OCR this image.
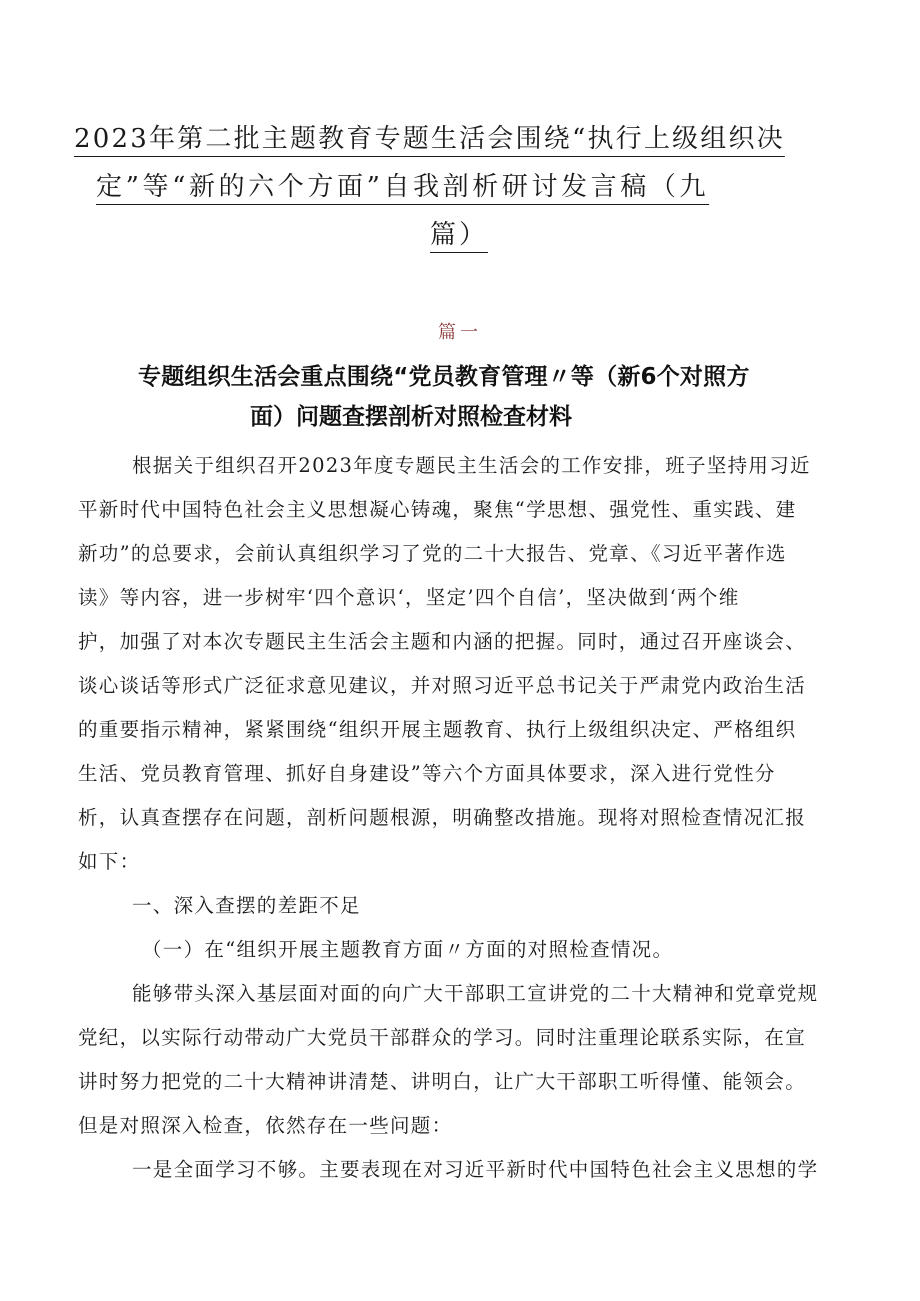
2023年第二批主题教育专题生活会围绕“执行上级组织决
定”等“新的六个方面”自我剖析研讨发言稿（九
篇）
篇一
专题组织生活会重点围绕“党员教育管理〃等（新6个对照方
面）问题查摆剖析对照检查材料
根据关于组织召开2023年度专题民主生活会的工作安排，班子坚持用习近
平新时代中国特色社会主义思想凝心铸魂，聚焦“学思想、强党性、重实践、建
新功”的总要求，会前认真组织学习了党的二十大报告、党章、《习近平著作选
读》等内容，进一步树牢‘四个意识‘，坚定’四个自信’，坚决做到‘两个维
护，加强了对本次专题民主生活会主题和内涵的把握。同时，通过召开座谈会、
谈心谈话等形式广泛征求意见建议，并对照习近平总书记关于严肃党内政治生活
的重要指示精神，紧紧围绕“组织开展主题教育、执行上级组织决定、严格组织
生活、党员教育管理、抓好自身建设”等六个方面具体要求，深入进行党性分
析，认真查摆存在问题，剖析问题根源，明确整改措施。现将对照检查情况汇报
如下：
一、深入查摆的差距不足
（一）在“组织开展主题教育方面〃方面的对照检查情况。
能够带头深入基层面对面的向广大干部职工宣讲党的二十大精神和党章党规
党纪，以实际行动带动广大党员干部群众的学习。同时注重理论联系实际，在宣
讲时努力把党的二十大精神讲清楚、讲明白，让广大干部职工听得懂、能领会。
但是对照深入检查，依然存在一些问题：
一是全面学习不够。主要表现在对习近平新时代中国特色社会主义思想的学
